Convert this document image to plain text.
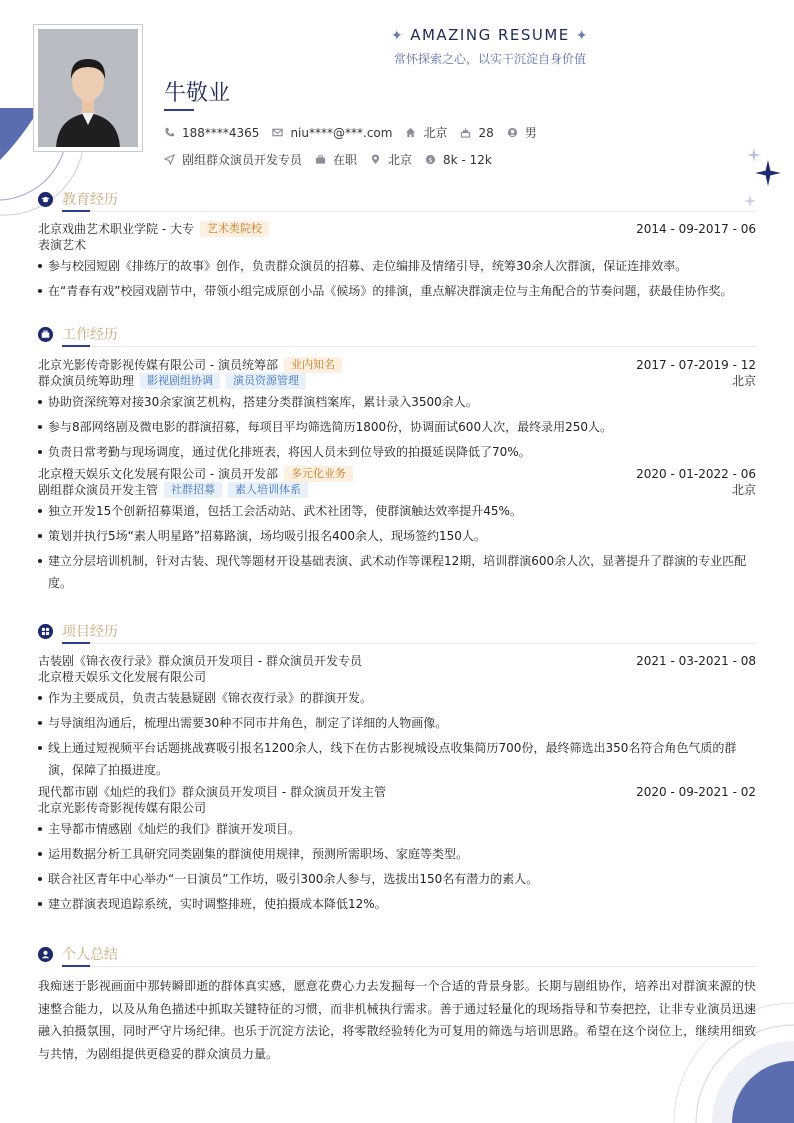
✦ AMAZING RESUME ✦
常怀探索之心，以实干沉淀自身价值
牛敬业
188****4365	niu****@***.com	北京	28	男
剧组群众演员开发专员	在职	北京 $ 8k - 12k
教育经历
北京戏曲艺术职业学院 - 大专	艺术类院校	2014 - 09-2017 - 06
表演艺术
参与校园短剧《排练厅的故事》创作，负责群众演员的招募、走位编排及情绪引导，统筹30余人次群演，保证连排效率。
在“青春有戏”校园戏剧节中，带领小组完成原创小品《候场》的排演，重点解决群演走位与主角配合的节奏问题，获最佳协作奖。
工作经历
北京光影传奇影视传媒有限公司 - 演员统筹部	业内知名	2017 - 07-2019 - 12
群众演员统筹助理	影视剧组协调	演员资源管理	北京
协助资深统筹对接30余家演艺机构，搭建分类群演档案库，累计录入3500余人。
参与8部网络剧及微电影的群演招募，每项目平均筛选简历1800份，协调面试600人次，最终录用250人。
负责日常考勤与现场调度，通过优化排班表，将因人员未到位导致的拍摄延误降低了70%。
北京橙天娱乐文化发展有限公司 - 演员开发部	多元化业务	2020 - 01-2022 - 06
剧组群众演员开发主管	社群招募	素人培训体系	北京
独立开发15个创新招募渠道，包括工会活动站、武术社团等，使群演触达效率提升45%。
策划并执行5场“素人明星路”招募路演，场均吸引报名400余人，现场签约150人。
建立分层培训机制，针对古装、现代等题材开设基础表演、武术动作等课程12期，培训群演600余人次，显著提升了群演的专业匹配度。
项目经历
古装剧《锦衣夜行录》群众演员开发项目 - 群众演员开发专员	2021 - 03-2021 - 08
北京橙天娱乐文化发展有限公司
作为主要成员，负责古装悬疑剧《锦衣夜行录》的群演开发。
与导演组沟通后，梳理出需要30种不同市井角色，制定了详细的人物画像。
线上通过短视频平台话题挑战赛吸引报名1200余人，线下在仿古影视城设点收集简历700份，最终筛选出350名符合角色气质的群演，保障了拍摄进度。
现代都市剧《灿烂的我们》群众演员开发项目 - 群众演员开发主管	2020 - 09-2021 - 02
北京光影传奇影视传媒有限公司
主导都市情感剧《灿烂的我们》群演开发项目。
运用数据分析工具研究同类剧集的群演使用规律，预测所需职场、家庭等类型。
联合社区青年中心举办“一日演员”工作坊，吸引300余人参与，选拔出150名有潜力的素人。
建立群演表现追踪系统，实时调整排班，使拍摄成本降低12%。
个人总结
我痴迷于影视画面中那转瞬即逝的群体真实感，愿意花费心力去发掘每一个合适的背景身影。长期与剧组协作，培养出对群演来源的快速整合能力，以及从角色描述中抓取关键特征的习惯，而非机械执行需求。善于通过轻量化的现场指导和节奏把控，让非专业演员迅速融入拍摄氛围，同时严守片场纪律。也乐于沉淀方法论，将零散经验转化为可复用的筛选与培训思路。希望在这个岗位上，继续用细致与共情，为剧组提供更稳妥的群众演员力量。
